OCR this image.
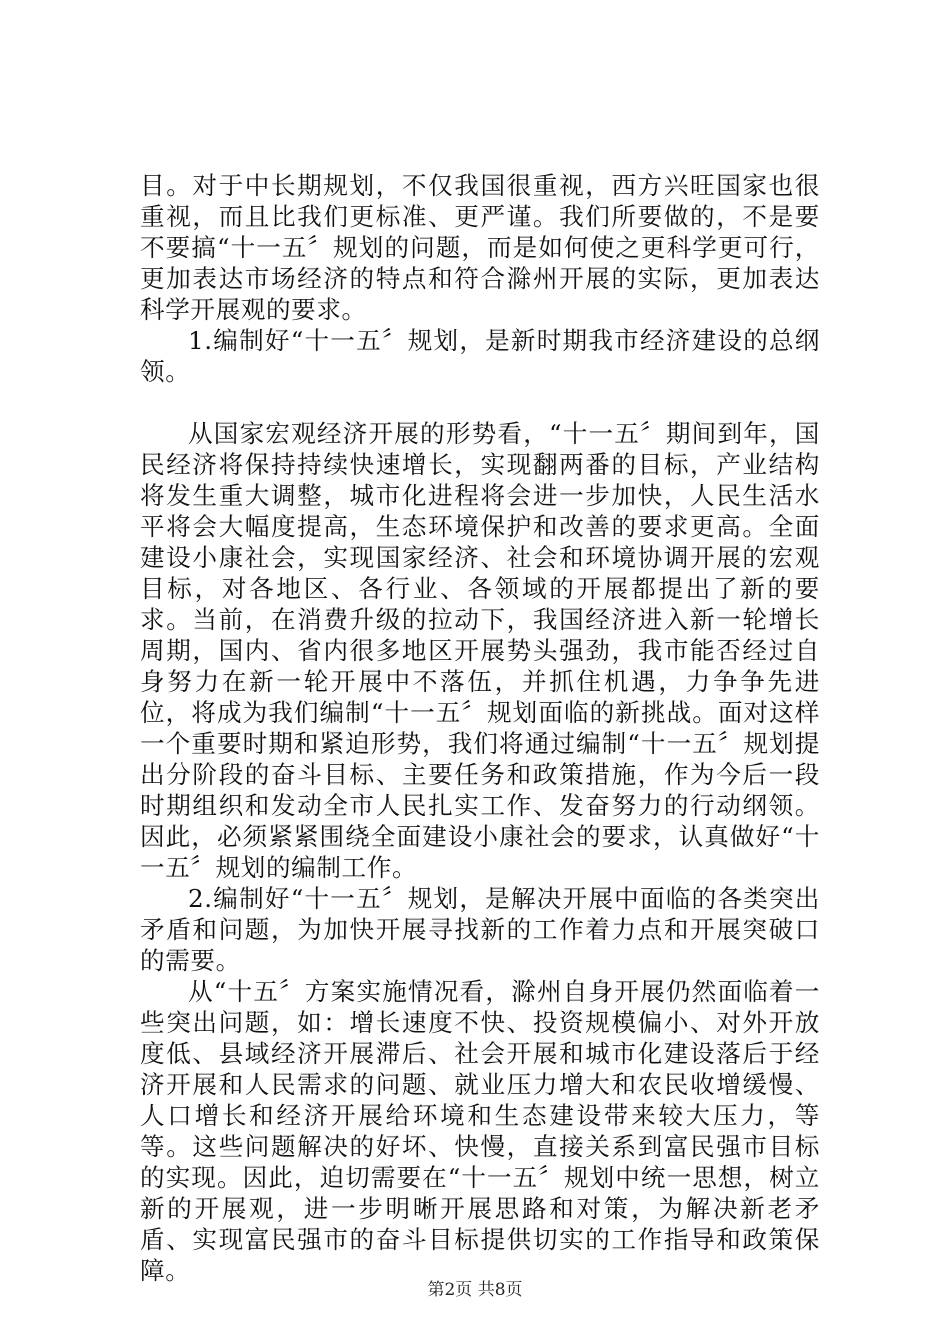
目。对于中长期规划，不仅我国很重视，西方兴旺国家也很重视，而且比我们更标准、更严谨。我们所要做的，不是要不要搞“十一五〞规划的问题，而是如何使之更科学更可行，更加表达市场经济的特点和符合滁州开展的实际，更加表达科学开展观的要求。

1.编制好“十一五〞规划，是新时期我市经济建设的总纲领。

从国家宏观经济开展的形势看，“十一五〞期间到年，国民经济将保持持续快速增长，实现翻两番的目标，产业结构将发生重大调整，城市化进程将会进一步加快，人民生活水平将会大幅度提高，生态环境保护和改善的要求更高。全面建设小康社会，实现国家经济、社会和环境协调开展的宏观目标，对各地区、各行业、各领域的开展都提出了新的要求。当前，在消费升级的拉动下，我国经济进入新一轮增长周期，国内、省内很多地区开展势头强劲，我市能否经过自身努力在新一轮开展中不落伍，并抓住机遇，力争争先进位，将成为我们编制“十一五〞规划面临的新挑战。面对这样一个重要时期和紧迫形势，我们将通过编制“十一五〞规划提出分阶段的奋斗目标、主要任务和政策措施，作为今后一段时期组织和发动全市人民扎实工作、发奋努力的行动纲领。因此，必须紧紧围绕全面建设小康社会的要求，认真做好“十一五〞规划的编制工作。

2.编制好“十一五〞规划，是解决开展中面临的各类突出矛盾和问题，为加快开展寻找新的工作着力点和开展突破口的需要。

从“十五〞方案实施情况看，滁州自身开展仍然面临着一些突出问题，如：增长速度不快、投资规模偏小、对外开放度低、县域经济开展滞后、社会开展和城市化建设落后于经济开展和人民需求的问题、就业压力增大和农民收增缓慢、人口增长和经济开展给环境和生态建设带来较大压力，等等。这些问题解决的好坏、快慢，直接关系到富民强市目标的实现。因此，迫切需要在“十一五〞规划中统一思想，树立新的开展观，进一步明晰开展思路和对策，为解决新老矛盾、实现富民强市的奋斗目标提供切实的工作指导和政策保障。

第2页 共8页
